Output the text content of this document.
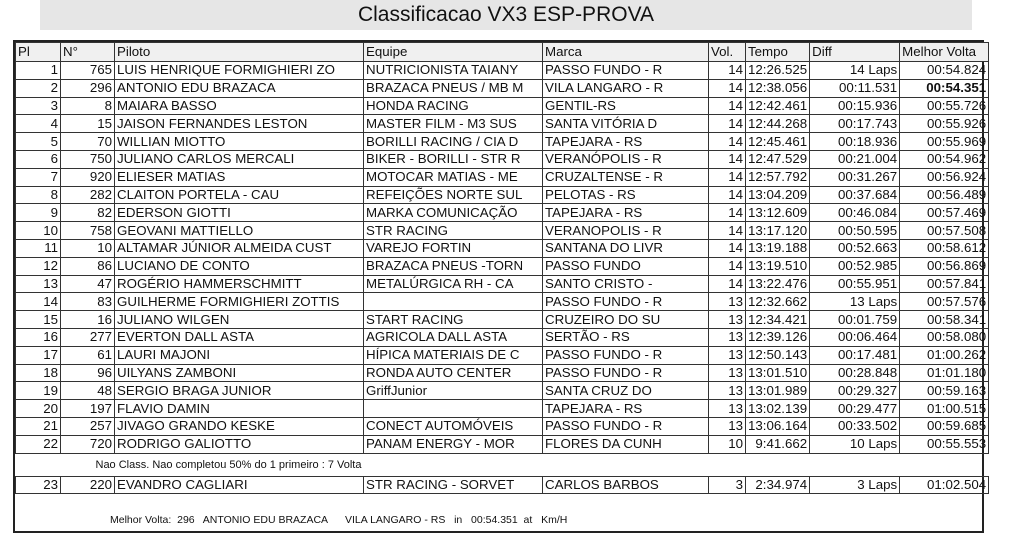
Classificacao VX3 ESP-PROVA
Pl	N°	Piloto	Equipe	Marca	Vol.	Tempo	Diff	Melhor Volta
1	765	LUIS HENRIQUE FORMIGHIERI ZO	NUTRICIONISTA TAIANY	PASSO FUNDO - R	14	12:26.525	14 Laps	00:54.824
2	296	ANTONIO EDU BRAZACA	BRAZACA PNEUS / MB M	VILA LANGARO - R	14	12:38.056	00:11.531	00:54.351
3	8	MAIARA BASSO	HONDA RACING	GENTIL-RS	14	12:42.461	00:15.936	00:55.726
4	15	JAISON FERNANDES LESTON	MASTER FILM - M3 SUS	SANTA VITÓRIA D	14	12:44.268	00:17.743	00:55.926
5	70	WILLIAN MIOTTO	BORILLI RACING / CIA D	TAPEJARA - RS	14	12:45.461	00:18.936	00:55.969
6	750	JULIANO CARLOS MERCALI	BIKER - BORILLI - STR R	VERANÓPOLIS - R	14	12:47.529	00:21.004	00:54.962
7	920	ELIESER MATIAS	MOTOCAR MATIAS - ME	CRUZALTENSE - R	14	12:57.792	00:31.267	00:56.924
8	282	CLAITON PORTELA - CAU	REFEIÇÕES NORTE SUL	PELOTAS - RS	14	13:04.209	00:37.684	00:56.489
9	82	EDERSON GIOTTI	MARKA COMUNICAÇÃO	TAPEJARA - RS	14	13:12.609	00:46.084	00:57.469
10	758	GEOVANI MATTIELLO	STR RACING	VERANOPOLIS - R	14	13:17.120	00:50.595	00:57.508
11	10	ALTAMAR JÚNIOR ALMEIDA CUST	VAREJO FORTIN	SANTANA DO LIVR	14	13:19.188	00:52.663	00:58.612
12	86	LUCIANO DE CONTO	BRAZACA PNEUS -TORN	PASSO FUNDO	14	13:19.510	00:52.985	00:56.869
13	47	ROGÉRIO HAMMERSCHMITT	METALÚRGICA RH - CA	SANTO CRISTO -	14	13:22.476	00:55.951	00:57.841
14	83	GUILHERME FORMIGHIERI ZOTTIS		PASSO FUNDO - R	13	12:32.662	13 Laps	00:57.576
15	16	JULIANO WILGEN	START RACING	CRUZEIRO DO SU	13	12:34.421	00:01.759	00:58.341
16	277	EVERTON DALL ASTA	AGRICOLA DALL ASTA	SERTÃO - RS	13	12:39.126	00:06.464	00:58.080
17	61	LAURI MAJONI	HÍPICA MATERIAIS DE C	PASSO FUNDO - R	13	12:50.143	00:17.481	01:00.262
18	96	UILYANS ZAMBONI	RONDA AUTO CENTER	PASSO FUNDO - R	13	13:01.510	00:28.848	01:01.180
19	48	SERGIO BRAGA JUNIOR	GriffJunior	SANTA CRUZ DO	13	13:01.989	00:29.327	00:59.163
20	197	FLAVIO DAMIN		TAPEJARA - RS	13	13:02.139	00:29.477	01:00.515
21	257	JIVAGO GRANDO KESKE	CONECT AUTOMÓVEIS	PASSO FUNDO - R	13	13:06.164	00:33.502	00:59.685
22	720	RODRIGO GALIOTTO	PANAM ENERGY - MOR	FLORES DA CUNH	10	9:41.662	10 Laps	00:55.553
Nao Class. Nao completou 50% do 1 primeiro : 7 Volta								
23	220	EVANDRO CAGLIARI	STR RACING - SORVET	CARLOS BARBOS	3	2:34.974	3 Laps	01:02.504
Melhor Volta:  296   ANTONIO EDU BRAZACA      VILA LANGARO - RS   in   00:54.351  at   Km/H
